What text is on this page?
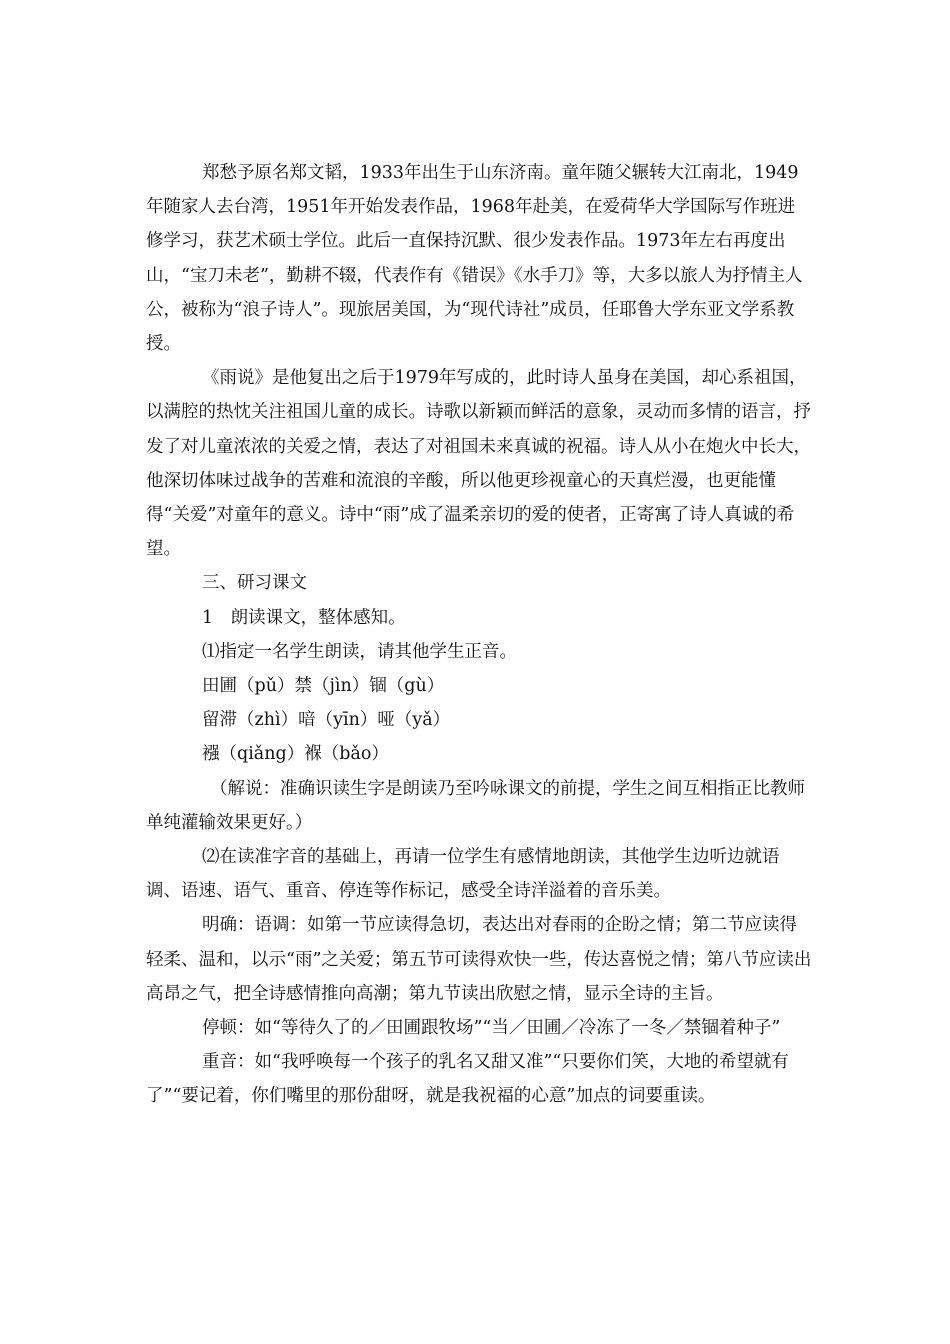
郑愁予原名郑文韬，1933年出生于山东济南。童年随父辗转大江南北，1949年随家人去台湾，1951年开始发表作品，1968年赴美，在爱荷华大学国际写作班进修学习，获艺术硕士学位。此后一直保持沉默、很少发表作品。1973年左右再度出山，“宝刀未老”，勤耕不辍，代表作有《错误》《水手刀》等，大多以旅人为抒情主人公，被称为“浪子诗人”。现旅居美国，为“现代诗社”成员，任耶鲁大学东亚文学系教授。

《雨说》是他复出之后于1979年写成的，此时诗人虽身在美国，却心系祖国，以满腔的热忱关注祖国儿童的成长。诗歌以新颖而鲜活的意象，灵动而多情的语言，抒发了对儿童浓浓的关爱之情，表达了对祖国未来真诚的祝福。诗人从小在炮火中长大，他深切体味过战争的苦难和流浪的辛酸，所以他更珍视童心的天真烂漫，也更能懂得“关爱”对童年的意义。诗中“雨”成了温柔亲切的爱的使者，正寄寓了诗人真诚的希望。

三、研习课文

1　朗读课文，整体感知。

⑴指定一名学生朗读，请其他学生正音。

田圃（pǔ）禁（jìn）锢（gù）

留滞（zhì）喑（yīn）哑（yǎ）

襁（qiǎng）褓（bǎo）

（解说：准确识读生字是朗读乃至吟咏课文的前提，学生之间互相指正比教师单纯灌输效果更好。）

⑵在读准字音的基础上，再请一位学生有感情地朗读，其他学生边听边就语调、语速、语气、重音、停连等作标记，感受全诗洋溢着的音乐美。

明确：语调：如第一节应读得急切，表达出对春雨的企盼之情；第二节应读得轻柔、温和，以示“雨”之关爱；第五节可读得欢快一些，传达喜悦之情；第八节应读出高昂之气，把全诗感情推向高潮；第九节读出欣慰之情，显示全诗的主旨。

停顿：如“等待久了的／田圃跟牧场”“当／田圃／冷冻了一冬／禁锢着种子”

重音：如“我呼唤每一个孩子的乳名又甜又准”“只要你们笑，大地的希望就有了”“要记着，你们嘴里的那份甜呀，就是我祝福的心意”加点的词要重读。
